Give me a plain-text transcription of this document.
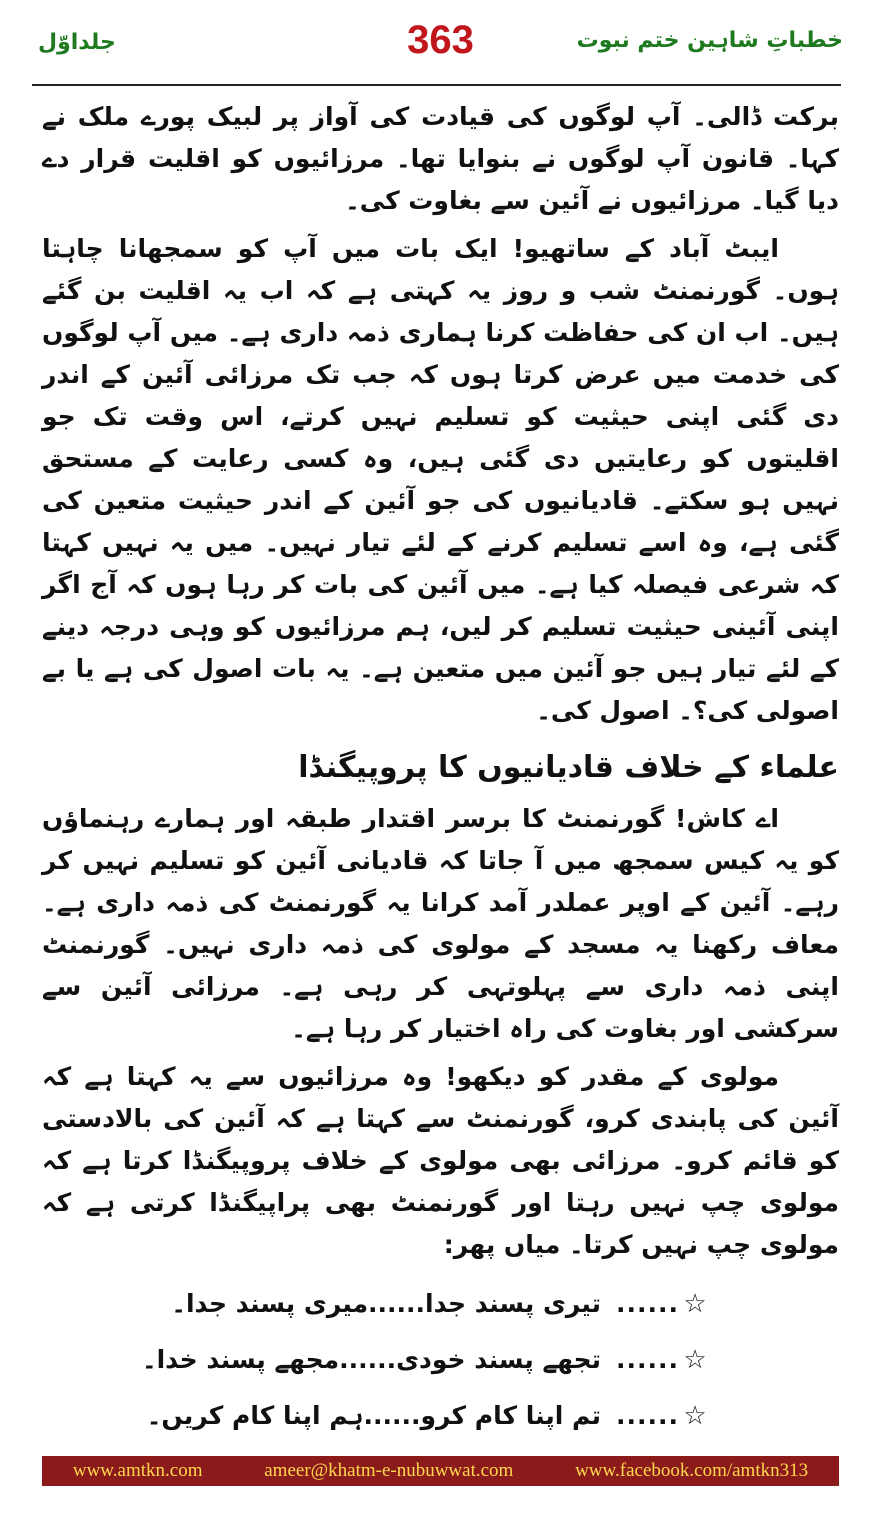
جلداوّل	363	خطباتِ شاہین ختم نبوت

برکت ڈالی۔ آپ لوگوں کی قیادت کی آواز پر لبیک پورے ملک نے کہا۔ قانون آپ لوگوں نے بنوایا تھا۔ مرزائیوں کو اقلیت قرار دے دیا گیا۔ مرزائیوں نے آئین سے بغاوت کی۔

ایبٹ آباد کے ساتھیو! ایک بات میں آپ کو سمجھانا چاہتا ہوں۔ گورنمنٹ شب و روز یہ کہتی ہے کہ اب یہ اقلیت بن گئے ہیں۔ اب ان کی حفاظت کرنا ہماری ذمہ داری ہے۔ میں آپ لوگوں کی خدمت میں عرض کرتا ہوں کہ جب تک مرزائی آئین کے اندر دی گئی اپنی حیثیت کو تسلیم نہیں کرتے، اس وقت تک جو اقلیتوں کو رعایتیں دی گئی ہیں، وہ کسی رعایت کے مستحق نہیں ہو سکتے۔ قادیانیوں کی جو آئین کے اندر حیثیت متعین کی گئی ہے، وہ اسے تسلیم کرنے کے لئے تیار نہیں۔ میں یہ نہیں کہتا کہ شرعی فیصلہ کیا ہے۔ میں آئین کی بات کر رہا ہوں کہ آج اگر اپنی آئینی حیثیت تسلیم کر لیں، ہم مرزائیوں کو وہی درجہ دینے کے لئے تیار ہیں جو آئین میں متعین ہے۔ یہ بات اصول کی ہے یا بے اصولی کی؟۔ اصول کی۔

علماء کے خلاف قادیانیوں کا پروپیگنڈا

اے کاش! گورنمنٹ کا برسر اقتدار طبقہ اور ہمارے رہنماؤں کو یہ کیس سمجھ میں آ جاتا کہ قادیانی آئین کو تسلیم نہیں کر رہے۔ آئین کے اوپر عملدر آمد کرانا یہ گورنمنٹ کی ذمہ داری ہے۔ معاف رکھنا یہ مسجد کے مولوی کی ذمہ داری نہیں۔ گورنمنٹ اپنی ذمہ داری سے پہلوتہی کر رہی ہے۔ مرزائی آئین سے سرکشی اور بغاوت کی راہ اختیار کر رہا ہے۔

مولوی کے مقدر کو دیکھو! وہ مرزائیوں سے یہ کہتا ہے کہ آئین کی پابندی کرو، گورنمنٹ سے کہتا ہے کہ آئین کی بالادستی کو قائم کرو۔ مرزائی بھی مولوی کے خلاف پروپیگنڈا کرتا ہے کہ مولوی چپ نہیں رہتا اور گورنمنٹ بھی پراپیگنڈا کرتی ہے کہ مولوی چپ نہیں کرتا۔ میاں پھر:

☆
......
تیری پسند جدا......میری پسند جدا۔
☆
......
تجھے پسند خودی......مجھے پسند خدا۔
☆
......
تم اپنا کام کرو......ہم اپنا کام کریں۔
www.amtkn.com	ameer@khatm-e-nubuwwat.com	www.facebook.com/amtkn313
